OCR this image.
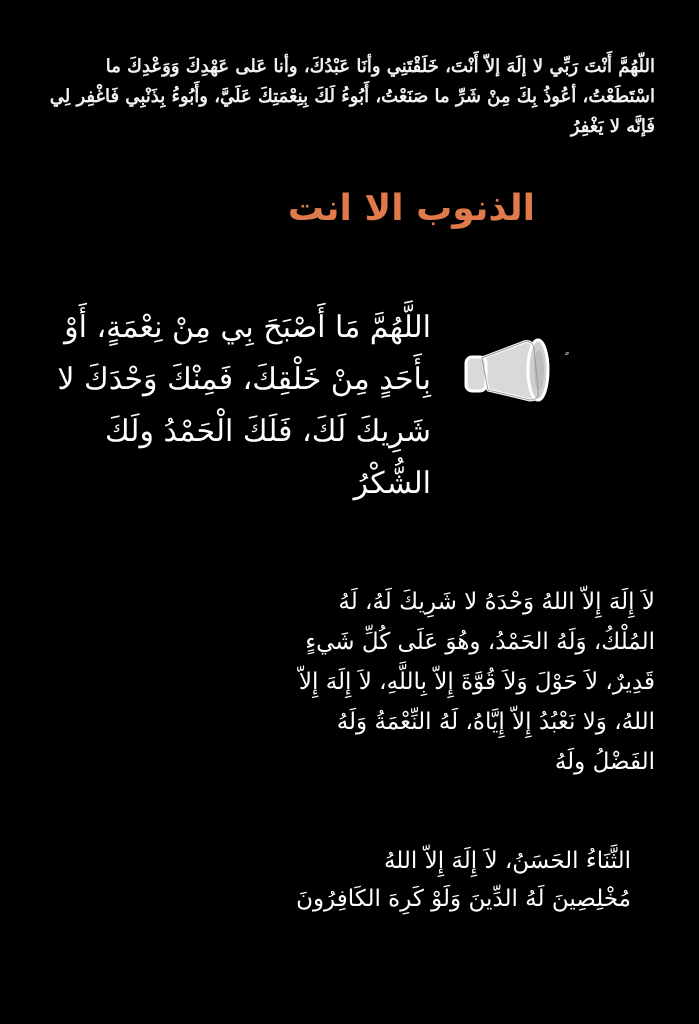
اللّهُمَّ أَنْتَ رَبِّي لا إلَهَ إلاّ أَنْتَ، خَلَقْتَنِي وأنَا عَبْدُكَ، وأنا عَلى عَهْدِكَ وَوَعْدِكَ ما اسْتَطَعْتُ، أعُوذُ بِكَ مِنْ شَرِّ ما صَنَعْتُ، أَبُوءُ لَكَ بِنِعْمَتِكَ عَلَيَّ، وأَبُوءُ بِذَنْبِي فَاغْفِر لِي فَإنَّه لا يَغْفِرُ
الذنوب الا انت
اللَّهُمَّ مَا أَصْبَحَ بِي مِنْ نِعْمَةٍ، أَوْ بِأَحَدٍ مِنْ خَلْقِكَ، فَمِنْكَ وَحْدَكَ لا شَرِيكَ لَكَ، فَلَكَ الْحَمْدُ ولَكَ الشُّكْرُ
لاَ إِلَهَ إِلاّ اللهُ وَحْدَهُ لا شَرِيكَ لَهُ، لَهُ المُلْكُ، وَلَهُ الحَمْدُ، وهُوَ عَلَى كُلِّ شَيءٍ قَدِيرٌ، لاَ حَوْلَ وَلاَ قُوَّةَ إِلاّ بِاللَّهِ، لاَ إِلَهَ إِلاّ اللهُ، وَلا نَعْبُدُ إِلاّ إِيَّاهُ، لَهُ النِّعْمَةُ وَلَهُ الفَضْلُ ولَهُ
الثَّنَاءُ الحَسَنُ، لاَ إِلَهَ إِلاّ اللهُ
مُخْلِصِينَ لَهُ الدِّينَ وَلَوْ كَرِهَ الكَافِرُونَ
